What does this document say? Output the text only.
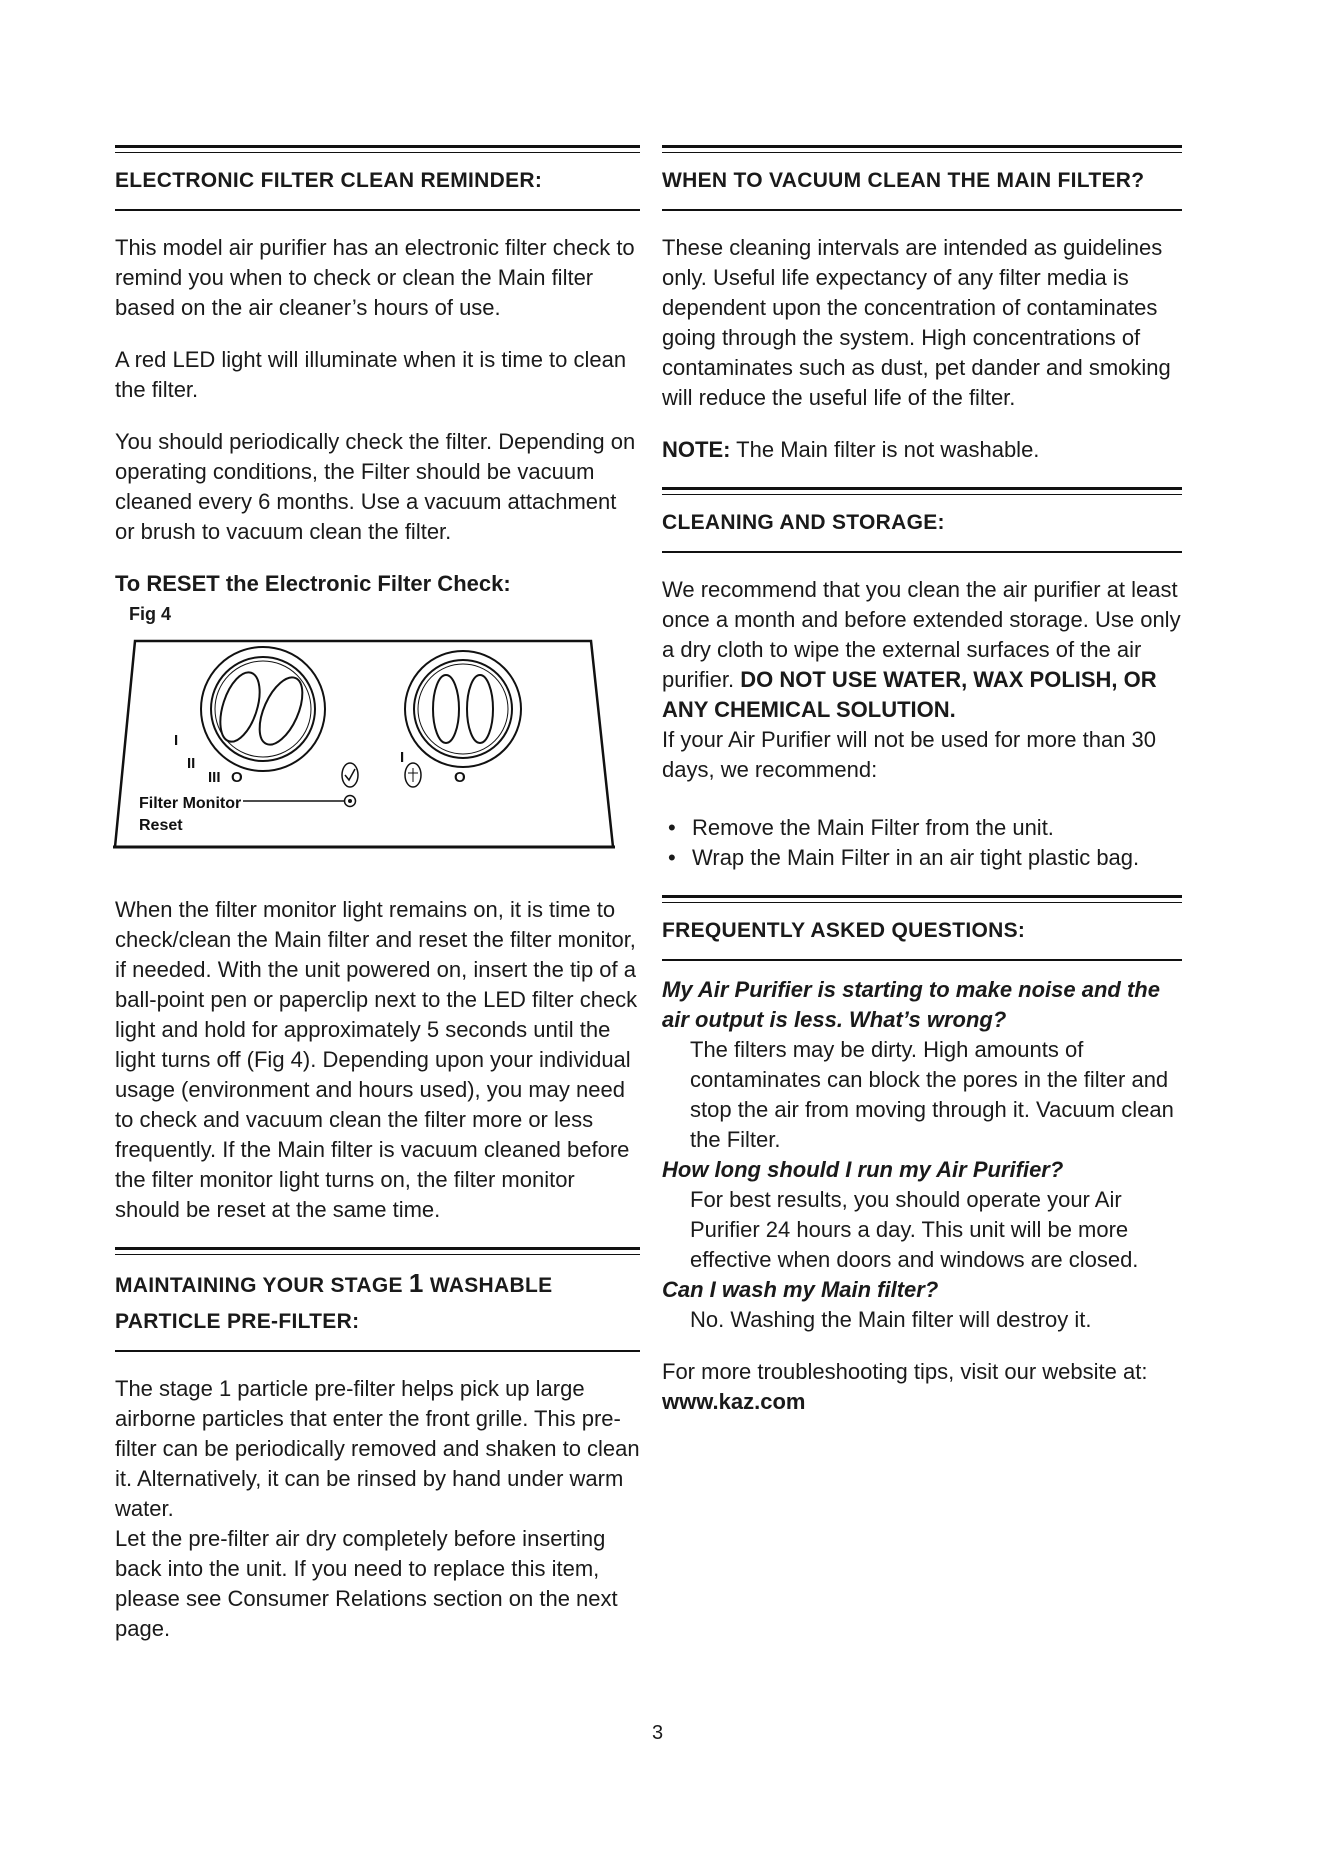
ELECTRONIC FILTER CLEAN REMINDER:

This model air purifier has an electronic filter check to remind you when to check or clean the Main filter based on the air cleaner’s hours of use.

A red LED light will illuminate when it is time to clean the filter.

You should periodically check the filter. Depending on operating conditions, the Filter should be vacuum cleaned every 6 months. Use a vacuum attachment or brush to vacuum clean the filter.

To RESET the Electronic Filter Check:
Fig 4
I
II
III O
I
O
Filter Monitor
Reset

When the filter monitor light remains on, it is time to check/clean the Main filter and reset the filter monitor, if needed. With the unit powered on, insert the tip of a ball-point pen or paperclip next to the LED filter check light and hold for approximately 5 seconds until the light turns off (Fig 4). Depending upon your individual usage (environment and hours used), you may need to check and vacuum clean the filter more or less frequently. If the Main filter is vacuum cleaned before the filter monitor light turns on, the filter monitor should be reset at the same time.

MAINTAINING YOUR STAGE 1 WASHABLE PARTICLE PRE-FILTER:

The stage 1 particle pre-filter helps pick up large airborne particles that enter the front grille. This pre-filter can be periodically removed and shaken to clean it. Alternatively, it can be rinsed by hand under warm water.

Let the pre-filter air dry completely before inserting back into the unit. If you need to replace this item, please see Consumer Relations section on the next page.

WHEN TO VACUUM CLEAN THE MAIN FILTER?

These cleaning intervals are intended as guidelines only. Useful life expectancy of any filter media is dependent upon the concentration of contaminates going through the system. High concentrations of contaminates such as dust, pet dander and smoking will reduce the useful life of the filter.

NOTE: The Main filter is not washable.

CLEANING AND STORAGE:

We recommend that you clean the air purifier at least once a month and before extended storage. Use only a dry cloth to wipe the external surfaces of the air purifier. DO NOT USE WATER, WAX POLISH, OR ANY CHEMICAL SOLUTION.

If your Air Purifier will not be used for more than 30 days, we recommend:

• Remove the Main Filter from the unit.
• Wrap the Main Filter in an air tight plastic bag.
FREQUENTLY ASKED QUESTIONS:
My Air Purifier is starting to make noise and the air output is less. What’s wrong?
The filters may be dirty. High amounts of contaminates can block the pores in the filter and stop the air from moving through it. Vacuum clean the Filter.
How long should I run my Air Purifier?
For best results, you should operate your Air Purifier 24 hours a day. This unit will be more effective when doors and windows are closed.
Can I wash my Main filter?
No. Washing the Main filter will destroy it.

For more troubleshooting tips, visit our website at:

www.kaz.com

3
